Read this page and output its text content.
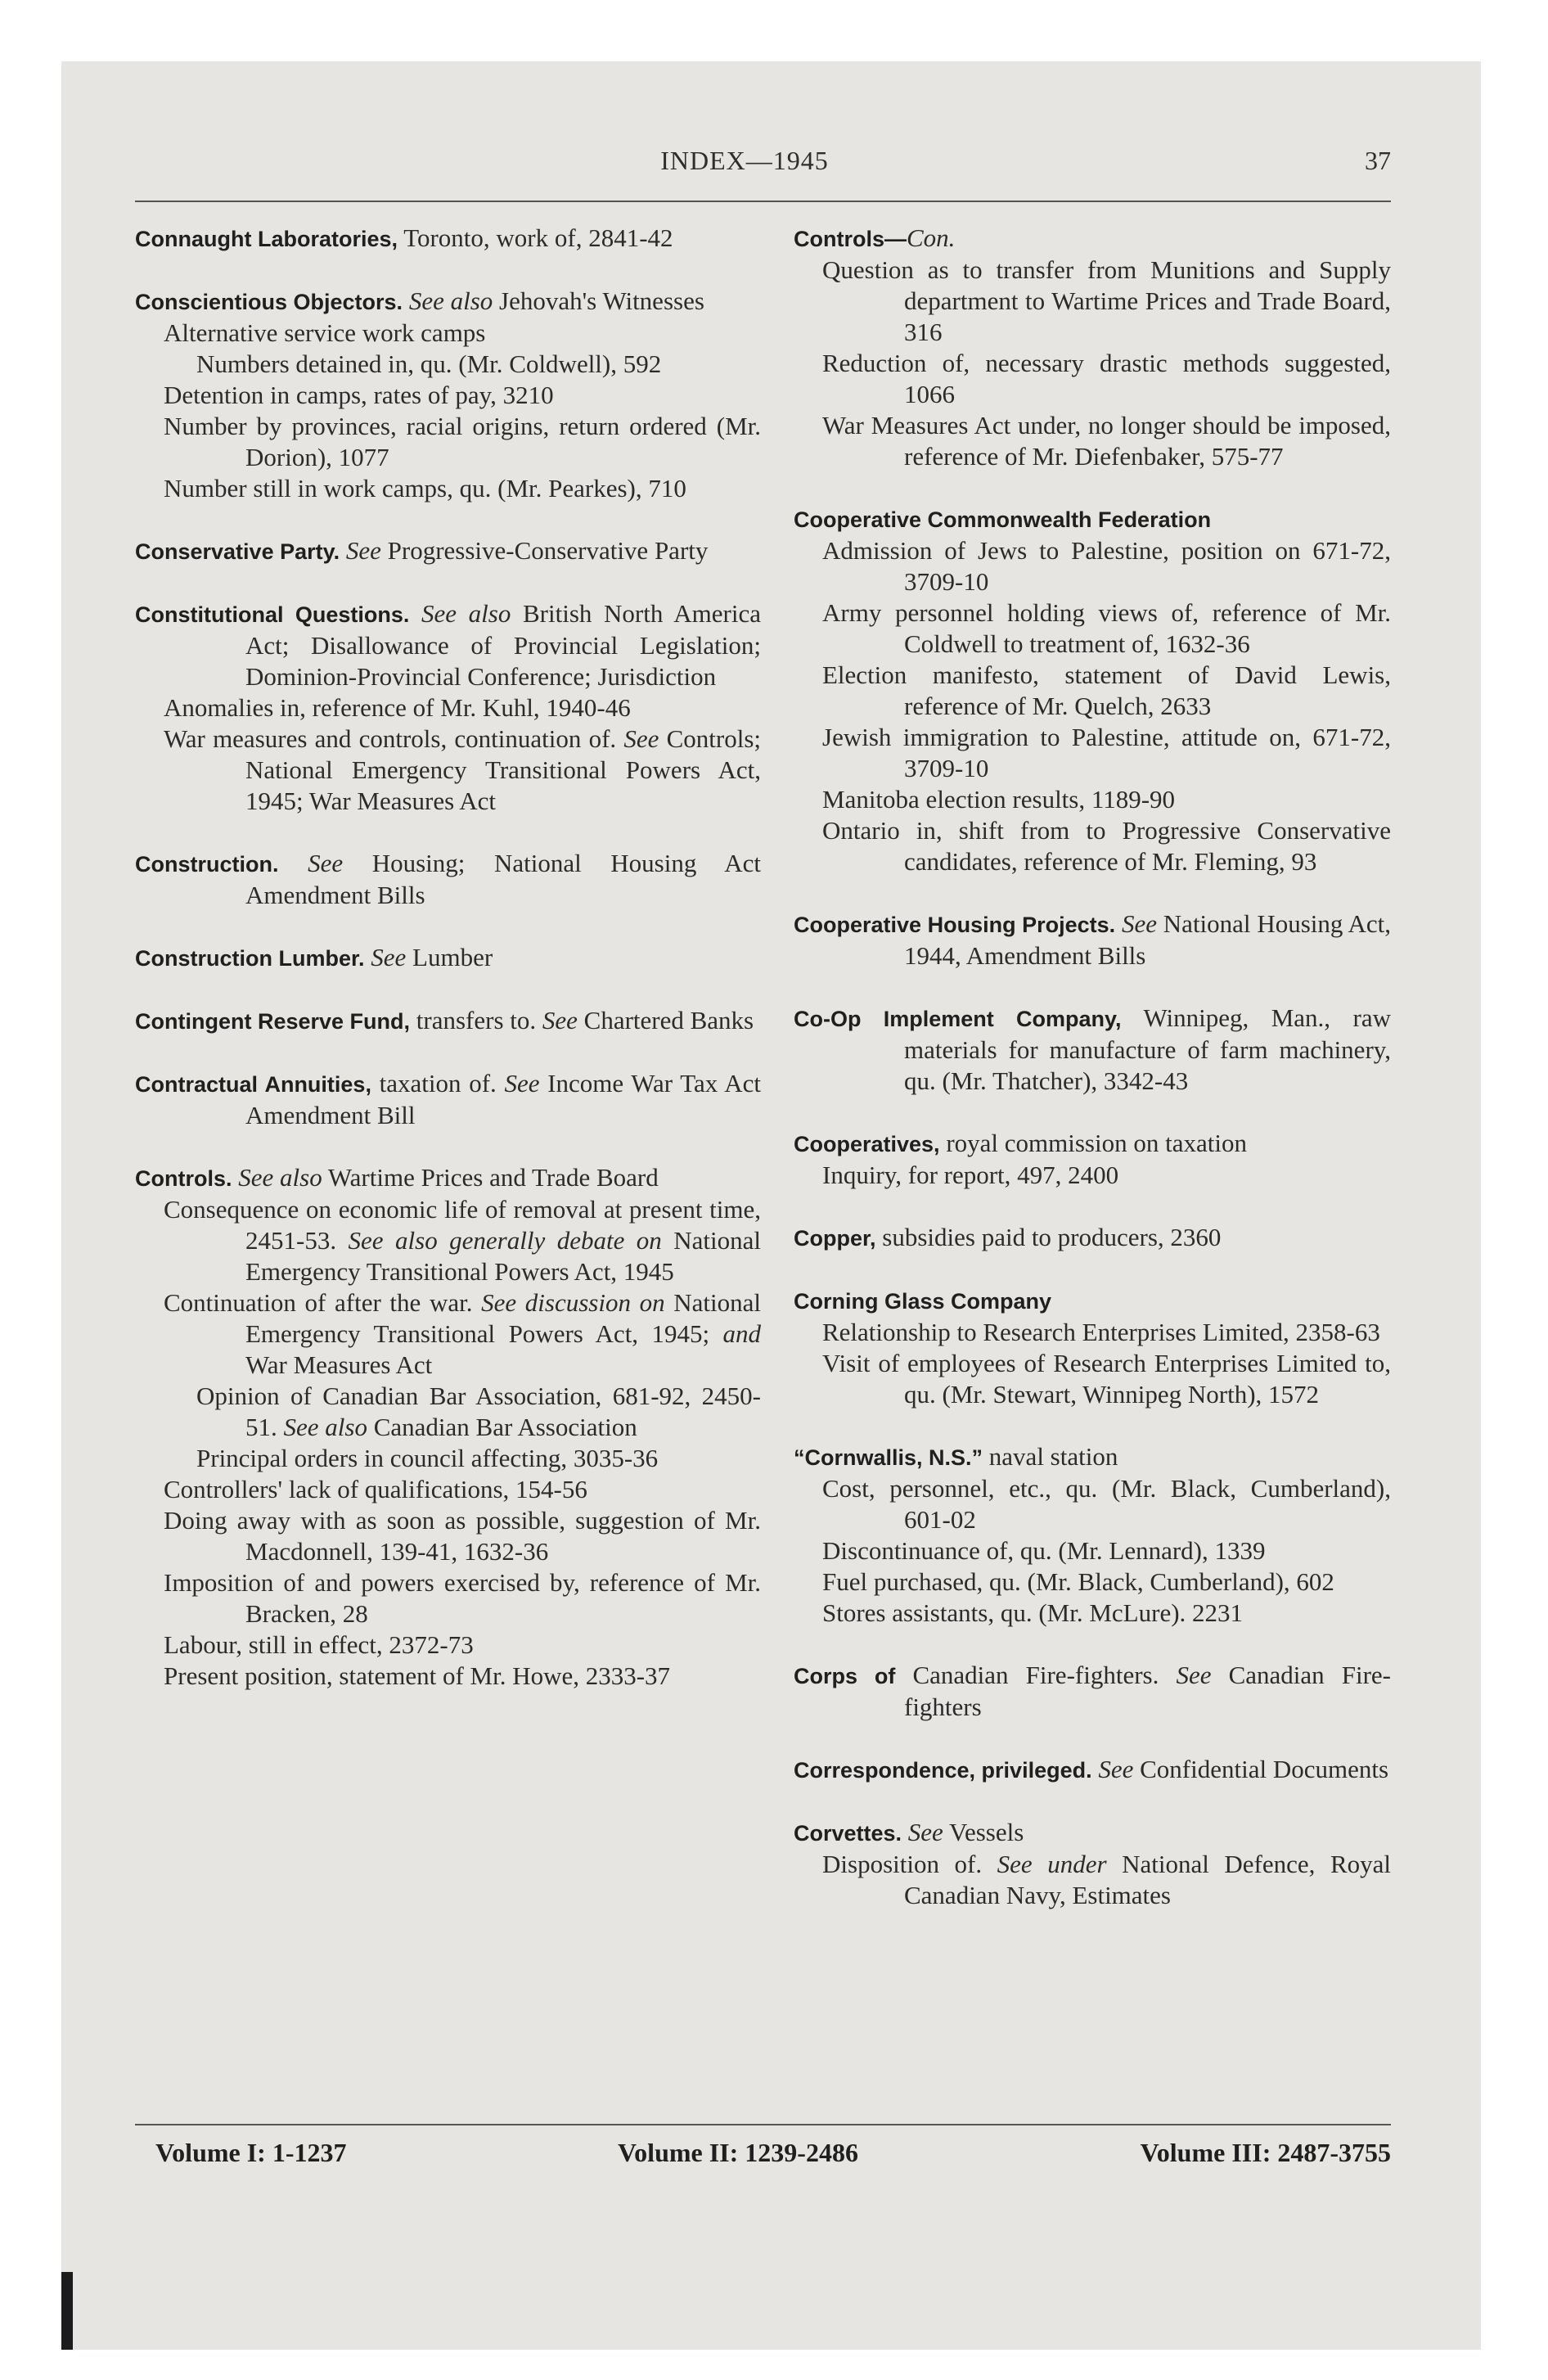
INDEX—1945	37
Connaught Laboratories, Toronto, work of, 2841-42
Conscientious Objectors. See also Jehovah's Witnesses
Alternative service work camps
Numbers detained in, qu. (Mr. Coldwell), 592
Detention in camps, rates of pay, 3210
Number by provinces, racial origins, return ordered (Mr. Dorion), 1077
Number still in work camps, qu. (Mr. Pearkes), 710
Conservative Party. See Progressive-Conservative Party
Constitutional Questions. See also British North America Act; Disallowance of Provincial Legislation; Dominion-Provincial Conference; Jurisdiction
Anomalies in, reference of Mr. Kuhl, 1940-46
War measures and controls, continuation of. See Controls; National Emergency Transitional Powers Act, 1945; War Measures Act
Construction. See Housing; National Housing Act Amendment Bills
Construction Lumber. See Lumber
Contingent Reserve Fund, transfers to. See Chartered Banks
Contractual Annuities, taxation of. See Income War Tax Act Amendment Bill
Controls. See also Wartime Prices and Trade Board
Consequence on economic life of removal at present time, 2451-53. See also generally debate on National Emergency Transitional Powers Act, 1945
Continuation of after the war. See discussion on National Emergency Transitional Powers Act, 1945; and War Measures Act
Opinion of Canadian Bar Association, 681-92, 2450-51. See also Canadian Bar Association
Principal orders in council affecting, 3035-36
Controllers' lack of qualifications, 154-56
Doing away with as soon as possible, suggestion of Mr. Macdonnell, 139-41, 1632-36
Imposition of and powers exercised by, reference of Mr. Bracken, 28
Labour, still in effect, 2372-73
Present position, statement of Mr. Howe, 2333-37
Controls—Con.
Question as to transfer from Munitions and Supply department to Wartime Prices and Trade Board, 316
Reduction of, necessary drastic methods suggested, 1066
War Measures Act under, no longer should be imposed, reference of Mr. Diefenbaker, 575-77
Cooperative Commonwealth Federation
Admission of Jews to Palestine, position on 671-72, 3709-10
Army personnel holding views of, reference of Mr. Coldwell to treatment of, 1632-36
Election manifesto, statement of David Lewis, reference of Mr. Quelch, 2633
Jewish immigration to Palestine, attitude on, 671-72, 3709-10
Manitoba election results, 1189-90
Ontario in, shift from to Progressive Conservative candidates, reference of Mr. Fleming, 93
Cooperative Housing Projects. See National Housing Act, 1944, Amendment Bills
Co-Op Implement Company, Winnipeg, Man., raw materials for manufacture of farm machinery, qu. (Mr. Thatcher), 3342-43
Cooperatives, royal commission on taxation
Inquiry, for report, 497, 2400
Copper, subsidies paid to producers, 2360
Corning Glass Company
Relationship to Research Enterprises Limited, 2358-63
Visit of employees of Research Enterprises Limited to, qu. (Mr. Stewart, Winnipeg North), 1572
“Cornwallis, N.S.” naval station
Cost, personnel, etc., qu. (Mr. Black, Cumberland), 601-02
Discontinuance of, qu. (Mr. Lennard), 1339
Fuel purchased, qu. (Mr. Black, Cumberland), 602
Stores assistants, qu. (Mr. McLure). 2231
Corps of Canadian Fire-fighters. See Canadian Fire-fighters
Correspondence, privileged. See Confidential Documents
Corvettes. See Vessels
Disposition of. See under National Defence, Royal Canadian Navy, Estimates
Volume I: 1-1237	Volume II: 1239-2486	Volume III: 2487-3755
